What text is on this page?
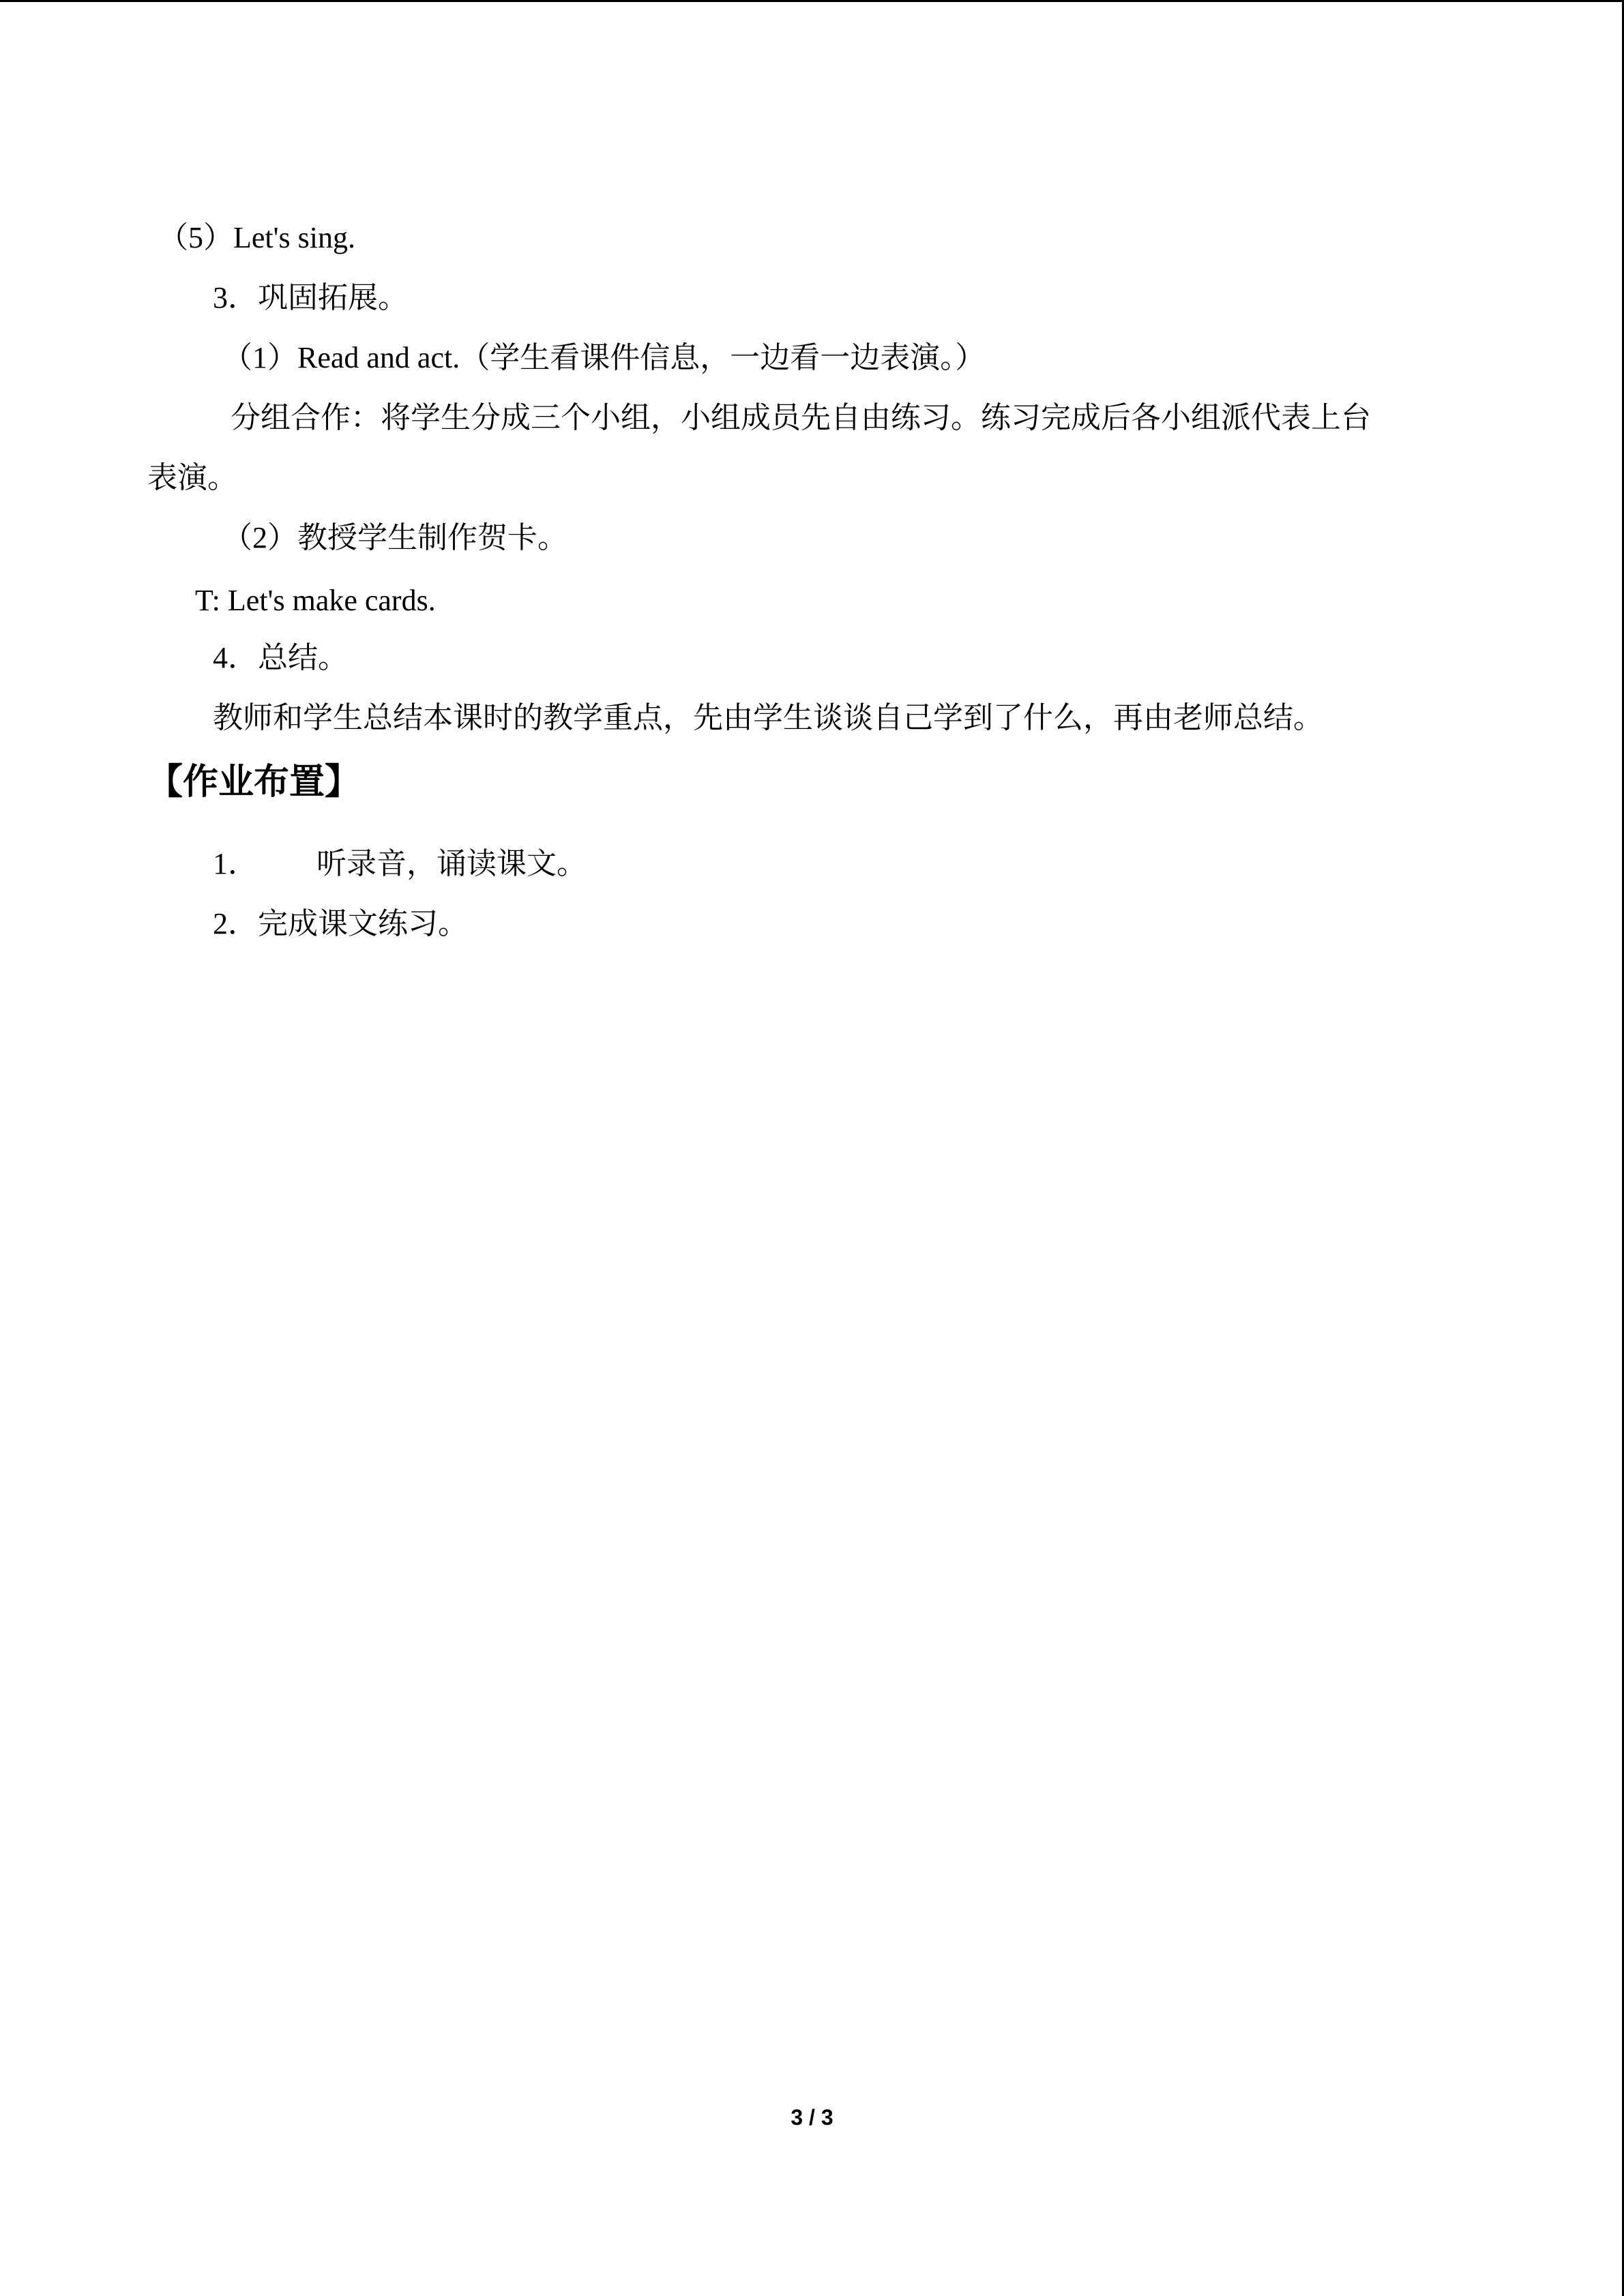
（5）Let's sing.

3．巩固拓展。

（1）Read and act.（学生看课件信息，一边看一边表演。）

分组合作：将学生分成三个小组，小组成员先自由练习。练习完成后各小组派代表上台

表演。

（2）教授学生制作贺卡。

T: Let's make cards.

4．总结。

教师和学生总结本课时的教学重点，先由学生谈谈自己学到了什么，再由老师总结。

【作业布置】

1． 听录音，诵读课文。

2．完成课文练习。

3 / 3
